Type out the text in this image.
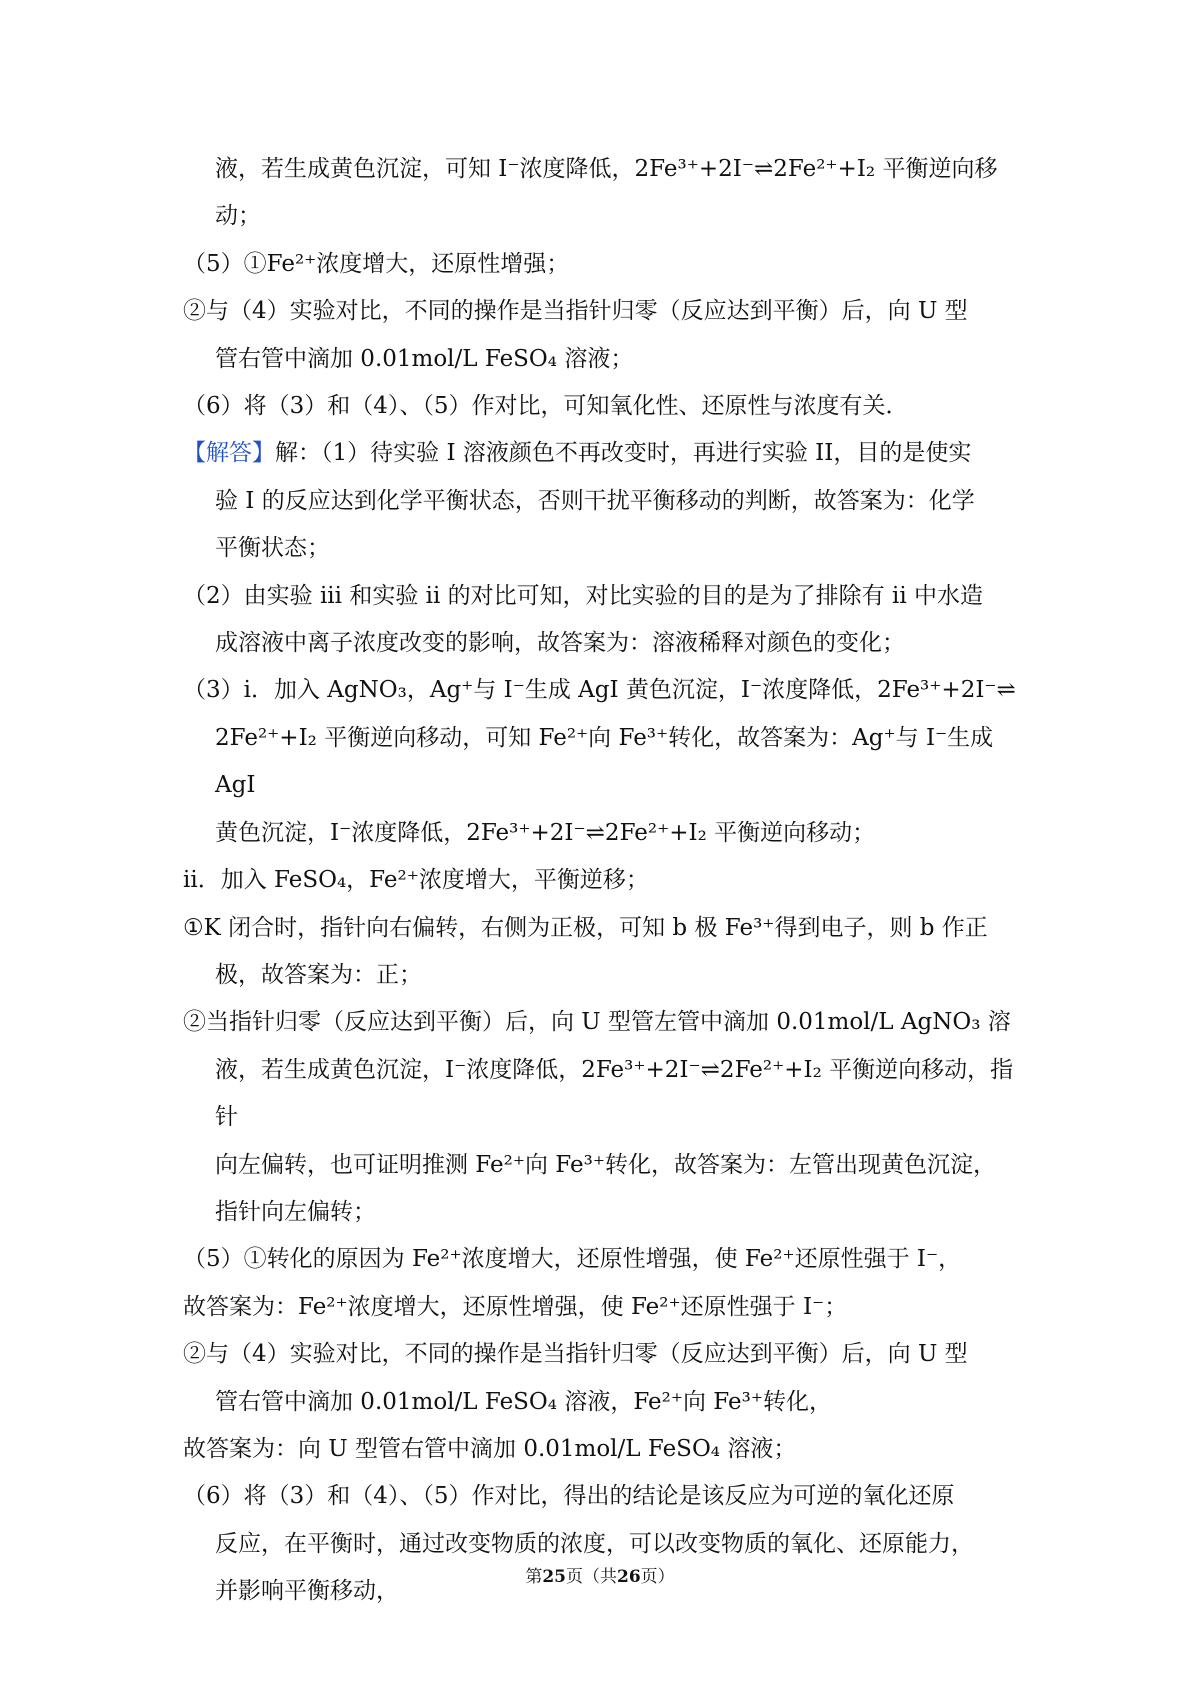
液，若生成黄色沉淀，可知 I⁻浓度降低，2Fe³⁺+2I⁻⇌2Fe²⁺+I₂ 平衡逆向移

动；

（5）①Fe²⁺浓度增大，还原性增强；

②与（4）实验对比，不同的操作是当指针归零（反应达到平衡）后，向 U 型

管右管中滴加 0.01mol/L FeSO₄ 溶液；

（6）将（3）和（4）、（5）作对比，可知氧化性、还原性与浓度有关．

【解答】解：（1）待实验 I 溶液颜色不再改变时，再进行实验 II，目的是使实

验 I 的反应达到化学平衡状态，否则干扰平衡移动的判断，故答案为：化学

平衡状态；

（2）由实验 iii 和实验 ii 的对比可知，对比实验的目的是为了排除有 ii 中水造

成溶液中离子浓度改变的影响，故答案为：溶液稀释对颜色的变化；

（3）i．加入 AgNO₃，Ag⁺与 I⁻生成 AgI 黄色沉淀，I⁻浓度降低，2Fe³⁺+2I⁻⇌

2Fe²⁺+I₂ 平衡逆向移动，可知 Fe²⁺向 Fe³⁺转化，故答案为：Ag⁺与 I⁻生成 AgI

黄色沉淀，I⁻浓度降低，2Fe³⁺+2I⁻⇌2Fe²⁺+I₂ 平衡逆向移动；

ii．加入 FeSO₄，Fe²⁺浓度增大，平衡逆移；

①K 闭合时，指针向右偏转，右侧为正极，可知 b 极 Fe³⁺得到电子，则 b 作正

极，故答案为：正；

②当指针归零（反应达到平衡）后，向 U 型管左管中滴加 0.01mol/L AgNO₃ 溶

液，若生成黄色沉淀，I⁻浓度降低，2Fe³⁺+2I⁻⇌2Fe²⁺+I₂ 平衡逆向移动，指针

向左偏转，也可证明推测 Fe²⁺向 Fe³⁺转化，故答案为：左管出现黄色沉淀，

指针向左偏转；

（5）①转化的原因为 Fe²⁺浓度增大，还原性增强，使 Fe²⁺还原性强于 I⁻，

故答案为：Fe²⁺浓度增大，还原性增强，使 Fe²⁺还原性强于 I⁻；

②与（4）实验对比，不同的操作是当指针归零（反应达到平衡）后，向 U 型

管右管中滴加 0.01mol/L FeSO₄ 溶液，Fe²⁺向 Fe³⁺转化，

故答案为：向 U 型管右管中滴加 0.01mol/L FeSO₄ 溶液；

（6）将（3）和（4）、（5）作对比，得出的结论是该反应为可逆的氧化还原

反应，在平衡时，通过改变物质的浓度，可以改变物质的氧化、还原能力，

并影响平衡移动，

第25页（共26页）
